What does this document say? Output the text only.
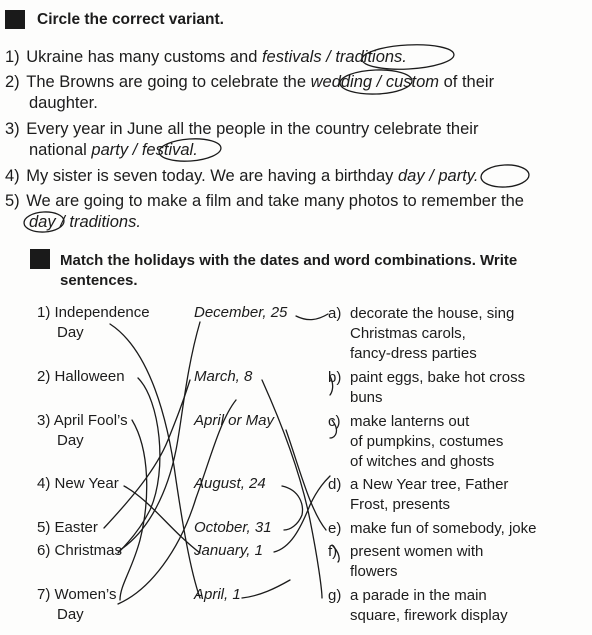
Circle the correct variant.
1) Ukraine has many customs and festivals / traditions.
2) The Browns are going to celebrate the wedding / custom of their
daughter.
3) Every year in June all the people in the country celebrate their
national party / festival.
4) My sister is seven today. We are having a birthday day / party.
5) We are going to make a film and take many photos to remember the
day / traditions.
Match the holidays with the dates and word combinations. Write
sentences.
1) Independence
Day
2) Halloween
3) April Fool’s
Day
4) New Year
5) Easter
6) Christmas
7) Women’s
Day
December, 25
March, 8
April or May
August, 24
October, 31
January, 1
April, 1
a) decorate the house, sing
Christmas carols,
fancy-dress parties
b) paint eggs, bake hot cross
buns
c) make lanterns out
of pumpkins, costumes
of witches and ghosts
d) a New Year tree, Father
Frost, presents
e) make fun of somebody, joke
f) present women with
flowers
g) a parade in the main
square, firework display
